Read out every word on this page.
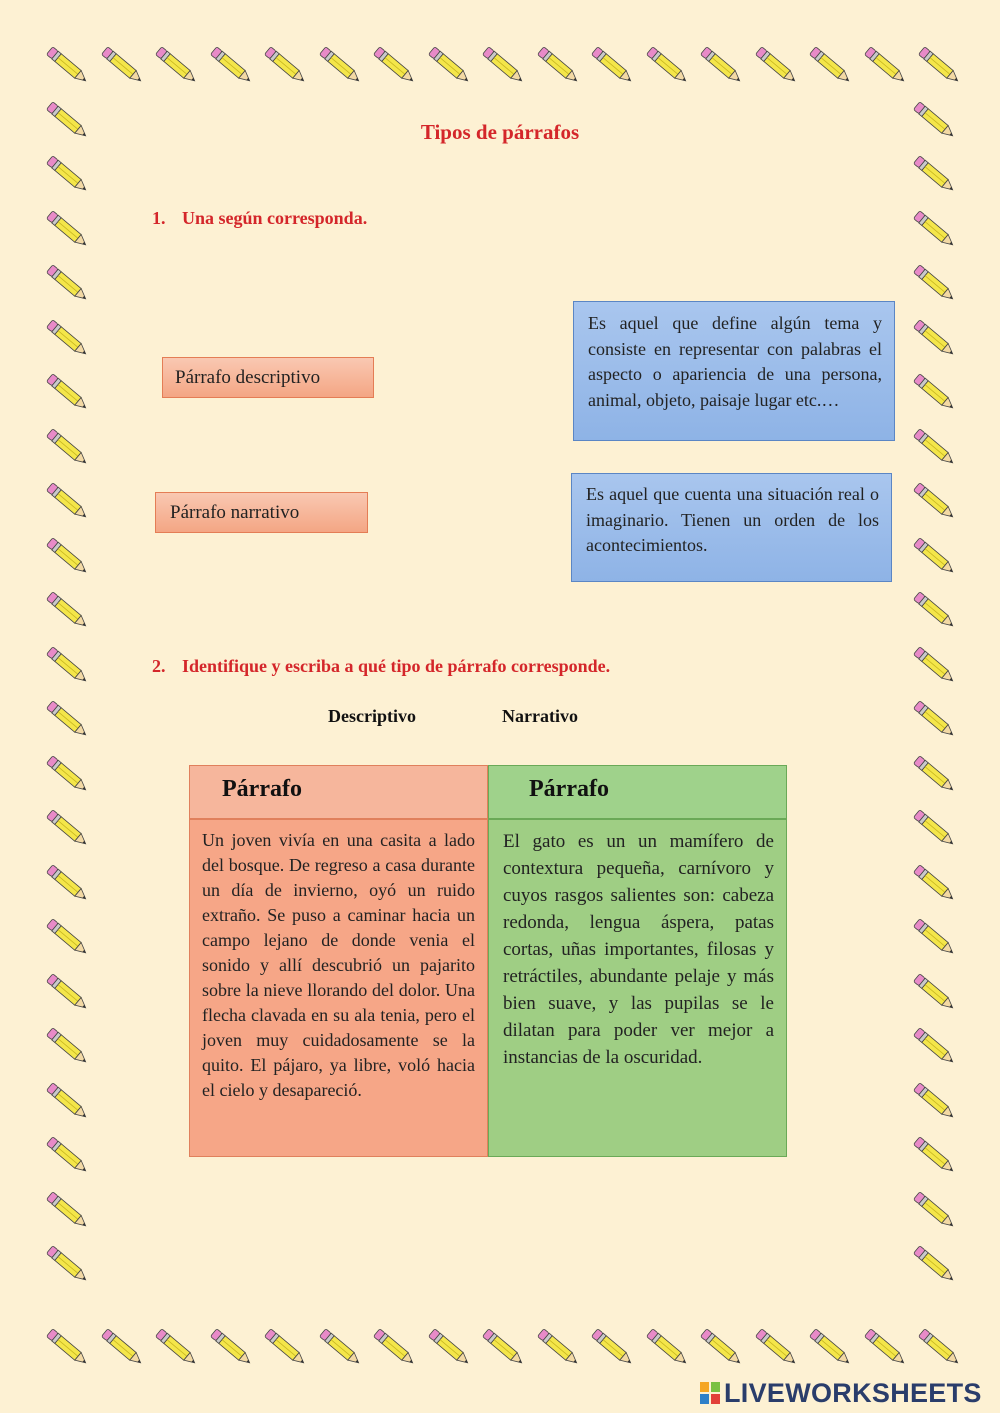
Tipos de párrafos
1. Una según corresponda.
Párrafo descriptivo
Párrafo narrativo
Es aquel que define algún tema y consiste en representar con palabras el aspecto o apariencia de una persona, animal, objeto, paisaje lugar etc.…
Es aquel que cuenta una situación real o imaginario. Tienen un orden de los acontecimientos.
2. Identifique y escriba a qué tipo de párrafo corresponde.
Descriptivo	Narrativo
Párrafo	Párrafo
Un joven vivía en una casita a lado del bosque. De regreso a casa durante un día de invierno, oyó un ruido extraño. Se puso a caminar hacia un campo lejano de donde venia el sonido y allí descubrió un pajarito sobre la nieve llorando del dolor. Una flecha clavada en su ala tenia, pero el joven muy cuidadosamente se la quito. El pájaro, ya libre, voló hacia el cielo y desapareció.
El gato es un un mamífero de contextura pequeña, carnívoro y cuyos rasgos salientes son: cabeza redonda, lengua áspera, patas cortas, uñas importantes, filosas y retráctiles, abundante pelaje y más bien suave, y las pupilas se le dilatan para poder ver mejor a instancias de la oscuridad.
LIVEWORKSHEETS
